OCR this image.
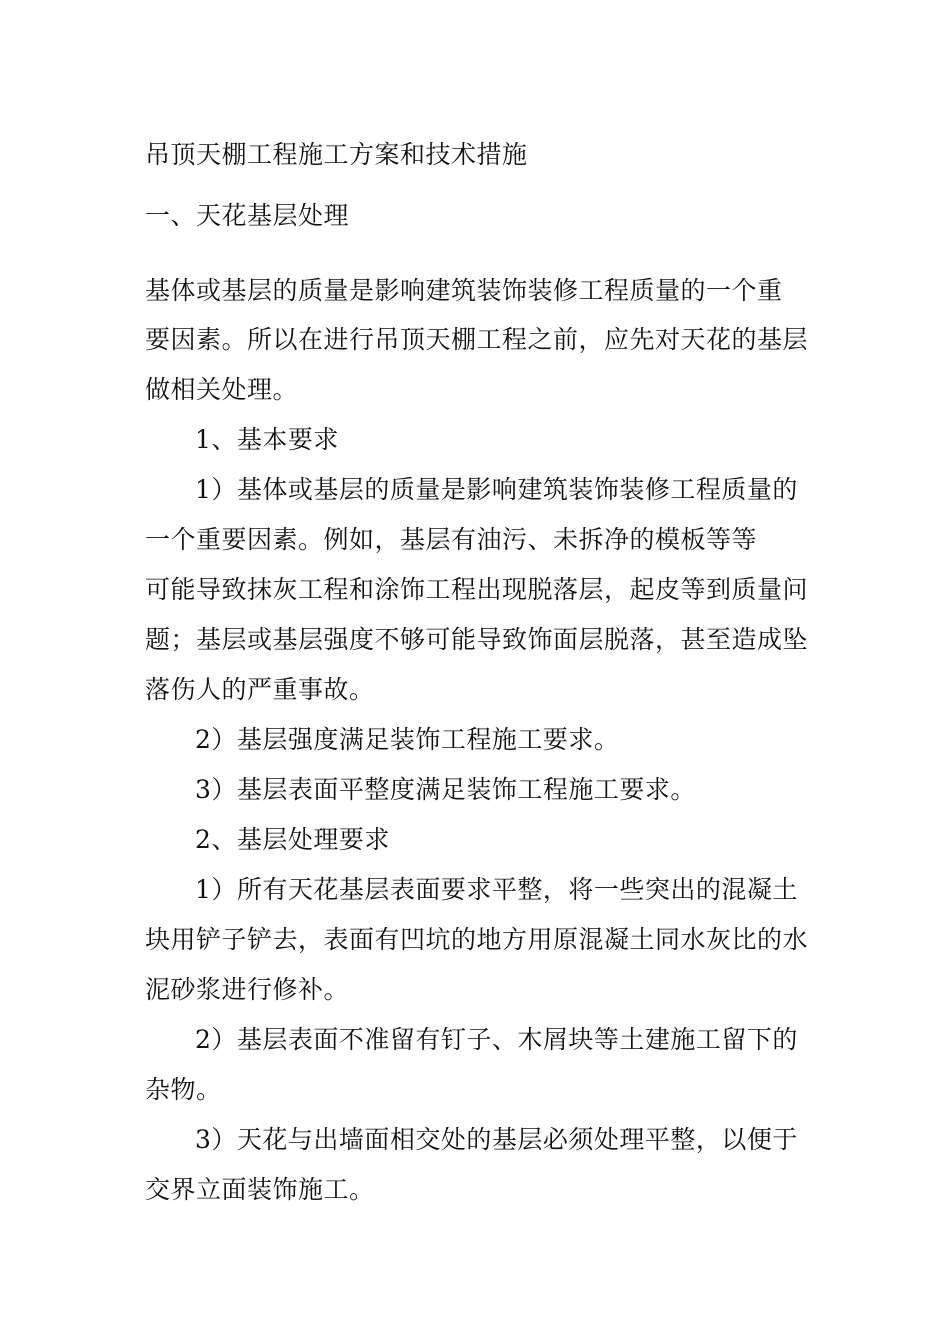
吊顶天棚工程施工方案和技术措施
一、天花基层处理
基体或基层的质量是影响建筑装饰装修工程质量的一个重
要因素。所以在进行吊顶天棚工程之前，应先对天花的基层
做相关处理。
1、基本要求
1）基体或基层的质量是影响建筑装饰装修工程质量的
一个重要因素。例如，基层有油污、未拆净的模板等等
可能导致抹灰工程和涂饰工程出现脱落层，起皮等到质量问
题；基层或基层强度不够可能导致饰面层脱落，甚至造成坠
落伤人的严重事故。
2）基层强度满足装饰工程施工要求。
3）基层表面平整度满足装饰工程施工要求。
2、基层处理要求
1）所有天花基层表面要求平整，将一些突出的混凝土
块用铲子铲去，表面有凹坑的地方用原混凝土同水灰比的水
泥砂浆进行修补。
2）基层表面不准留有钉子、木屑块等土建施工留下的
杂物。
3）天花与出墙面相交处的基层必须处理平整，以便于
交界立面装饰施工。
